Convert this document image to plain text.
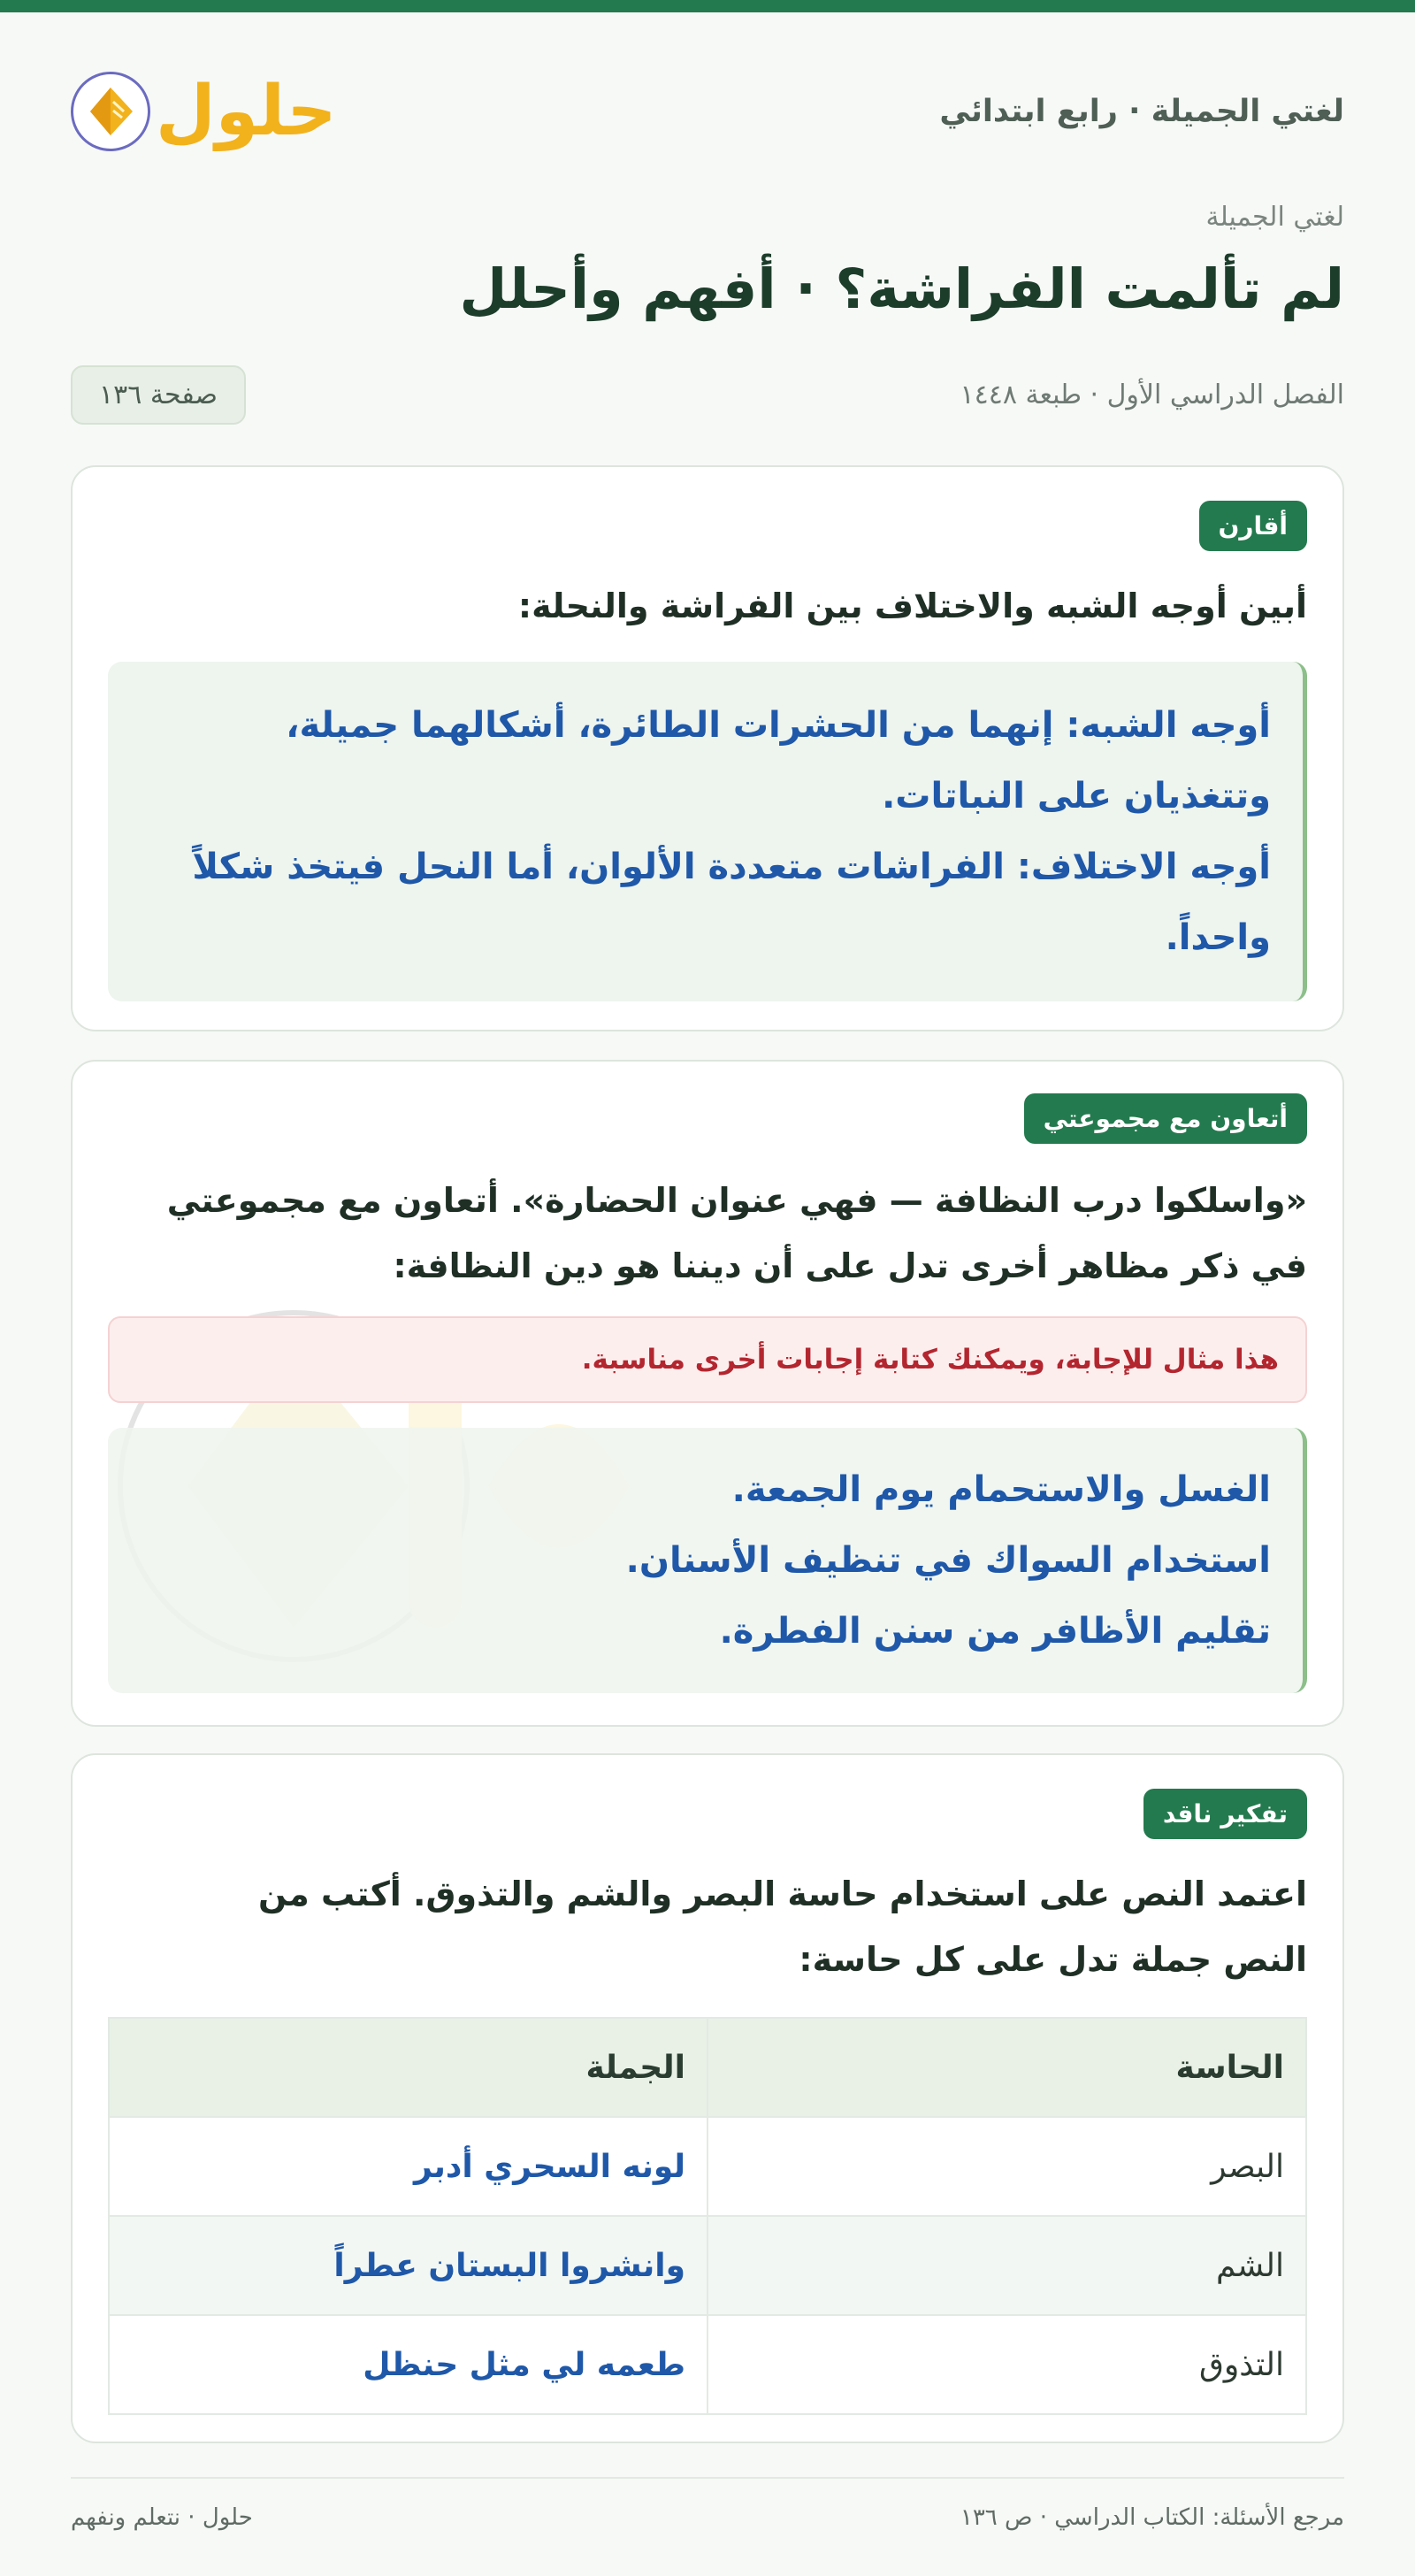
لغتي الجميلة · رابع ابتدائي
حلول
لغتي الجميلة
لم تألمت الفراشة؟ · أفهم وأحلل
الفصل الدراسي الأول · طبعة ١٤٤٨
صفحة ١٣٦
أقارن
أبين أوجه الشبه والاختلاف بين الفراشة والنحلة:
أوجه الشبه: إنهما من الحشرات الطائرة، أشكالهما جميلة،
وتتغذيان على النباتات.
أوجه الاختلاف: الفراشات متعددة الألوان، أما النحل فيتخذ شكلاً
واحداً.
أتعاون مع مجموعتي
«واسلكوا درب النظافة — فهي عنوان الحضارة». أتعاون مع مجموعتي
في ذكر مظاهر أخرى تدل على أن ديننا هو دين النظافة:
هذا مثال للإجابة، ويمكنك كتابة إجابات أخرى مناسبة.
الغسل والاستحمام يوم الجمعة.
استخدام السواك في تنظيف الأسنان.
تقليم الأظافر من سنن الفطرة.
تفكير ناقد
اعتمد النص على استخدام حاسة البصر والشم والتذوق. أكتب من
النص جملة تدل على كل حاسة:
الحاسة	الجملة
البصر	لونه السحري أدبر
الشم	وانشروا البستان عطراً
التذوق	طعمه لي مثل حنظل
مرجع الأسئلة: الكتاب الدراسي · ص ١٣٦
حلول · نتعلم ونفهم
